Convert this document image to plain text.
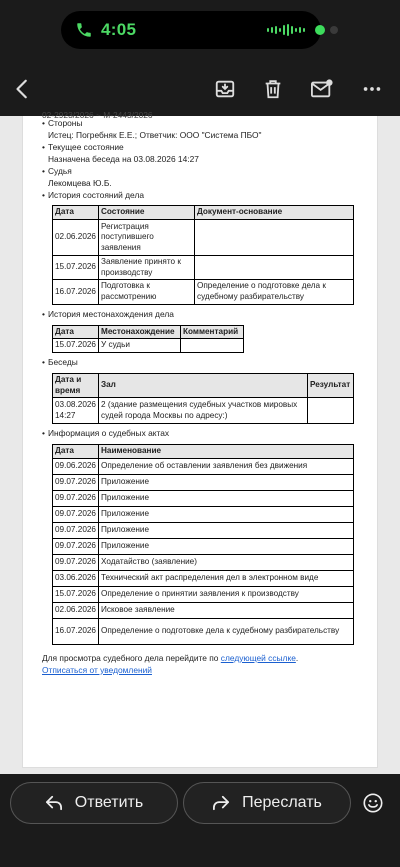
4:05
02-2923/2026 ~ М-2443/2026
• Стороны
Истец: Погребняк Е.Е.; Ответчик: ООО "Система ПБО"
• Текущее состояние
Назначена беседа на 03.08.2026 14:27
• Судья
Лекомцева Ю.Б.
• История состояний дела
Дата	Состояние	Документ-основание
02.06.2026	Регистрация поступившего заявления	
15.07.2026	Заявление принято к производству	
16.07.2026	Подготовка к рассмотрению	Определение о подготовке дела к судебному разбирательству
• История местонахождения дела
Дата	Местонахождение	Комментарий
15.07.2026	У судьи	
• Беседы
Дата и время	Зал	Результат
03.08.2026 14:27	2 (здание размещения судебных участков мировых судей города Москвы по адресу:)	
• Информация о судебных актах
Дата	Наименование
09.06.2026	Определение об оставлении заявления без движения
09.07.2026	Приложение
09.07.2026	Приложение
09.07.2026	Приложение
09.07.2026	Приложение
09.07.2026	Приложение
09.07.2026	Ходатайство (заявление)
03.06.2026	Технический акт распределения дел в электронном виде
15.07.2026	Определение о принятии заявления к производству
02.06.2026	Исковое заявление
16.07.2026	Определение о подготовке дела к судебному разбирательству
Для просмотра судебного дела перейдите по следующей ссылке.
Отписаться от уведомлений
Ответить	Переслать
